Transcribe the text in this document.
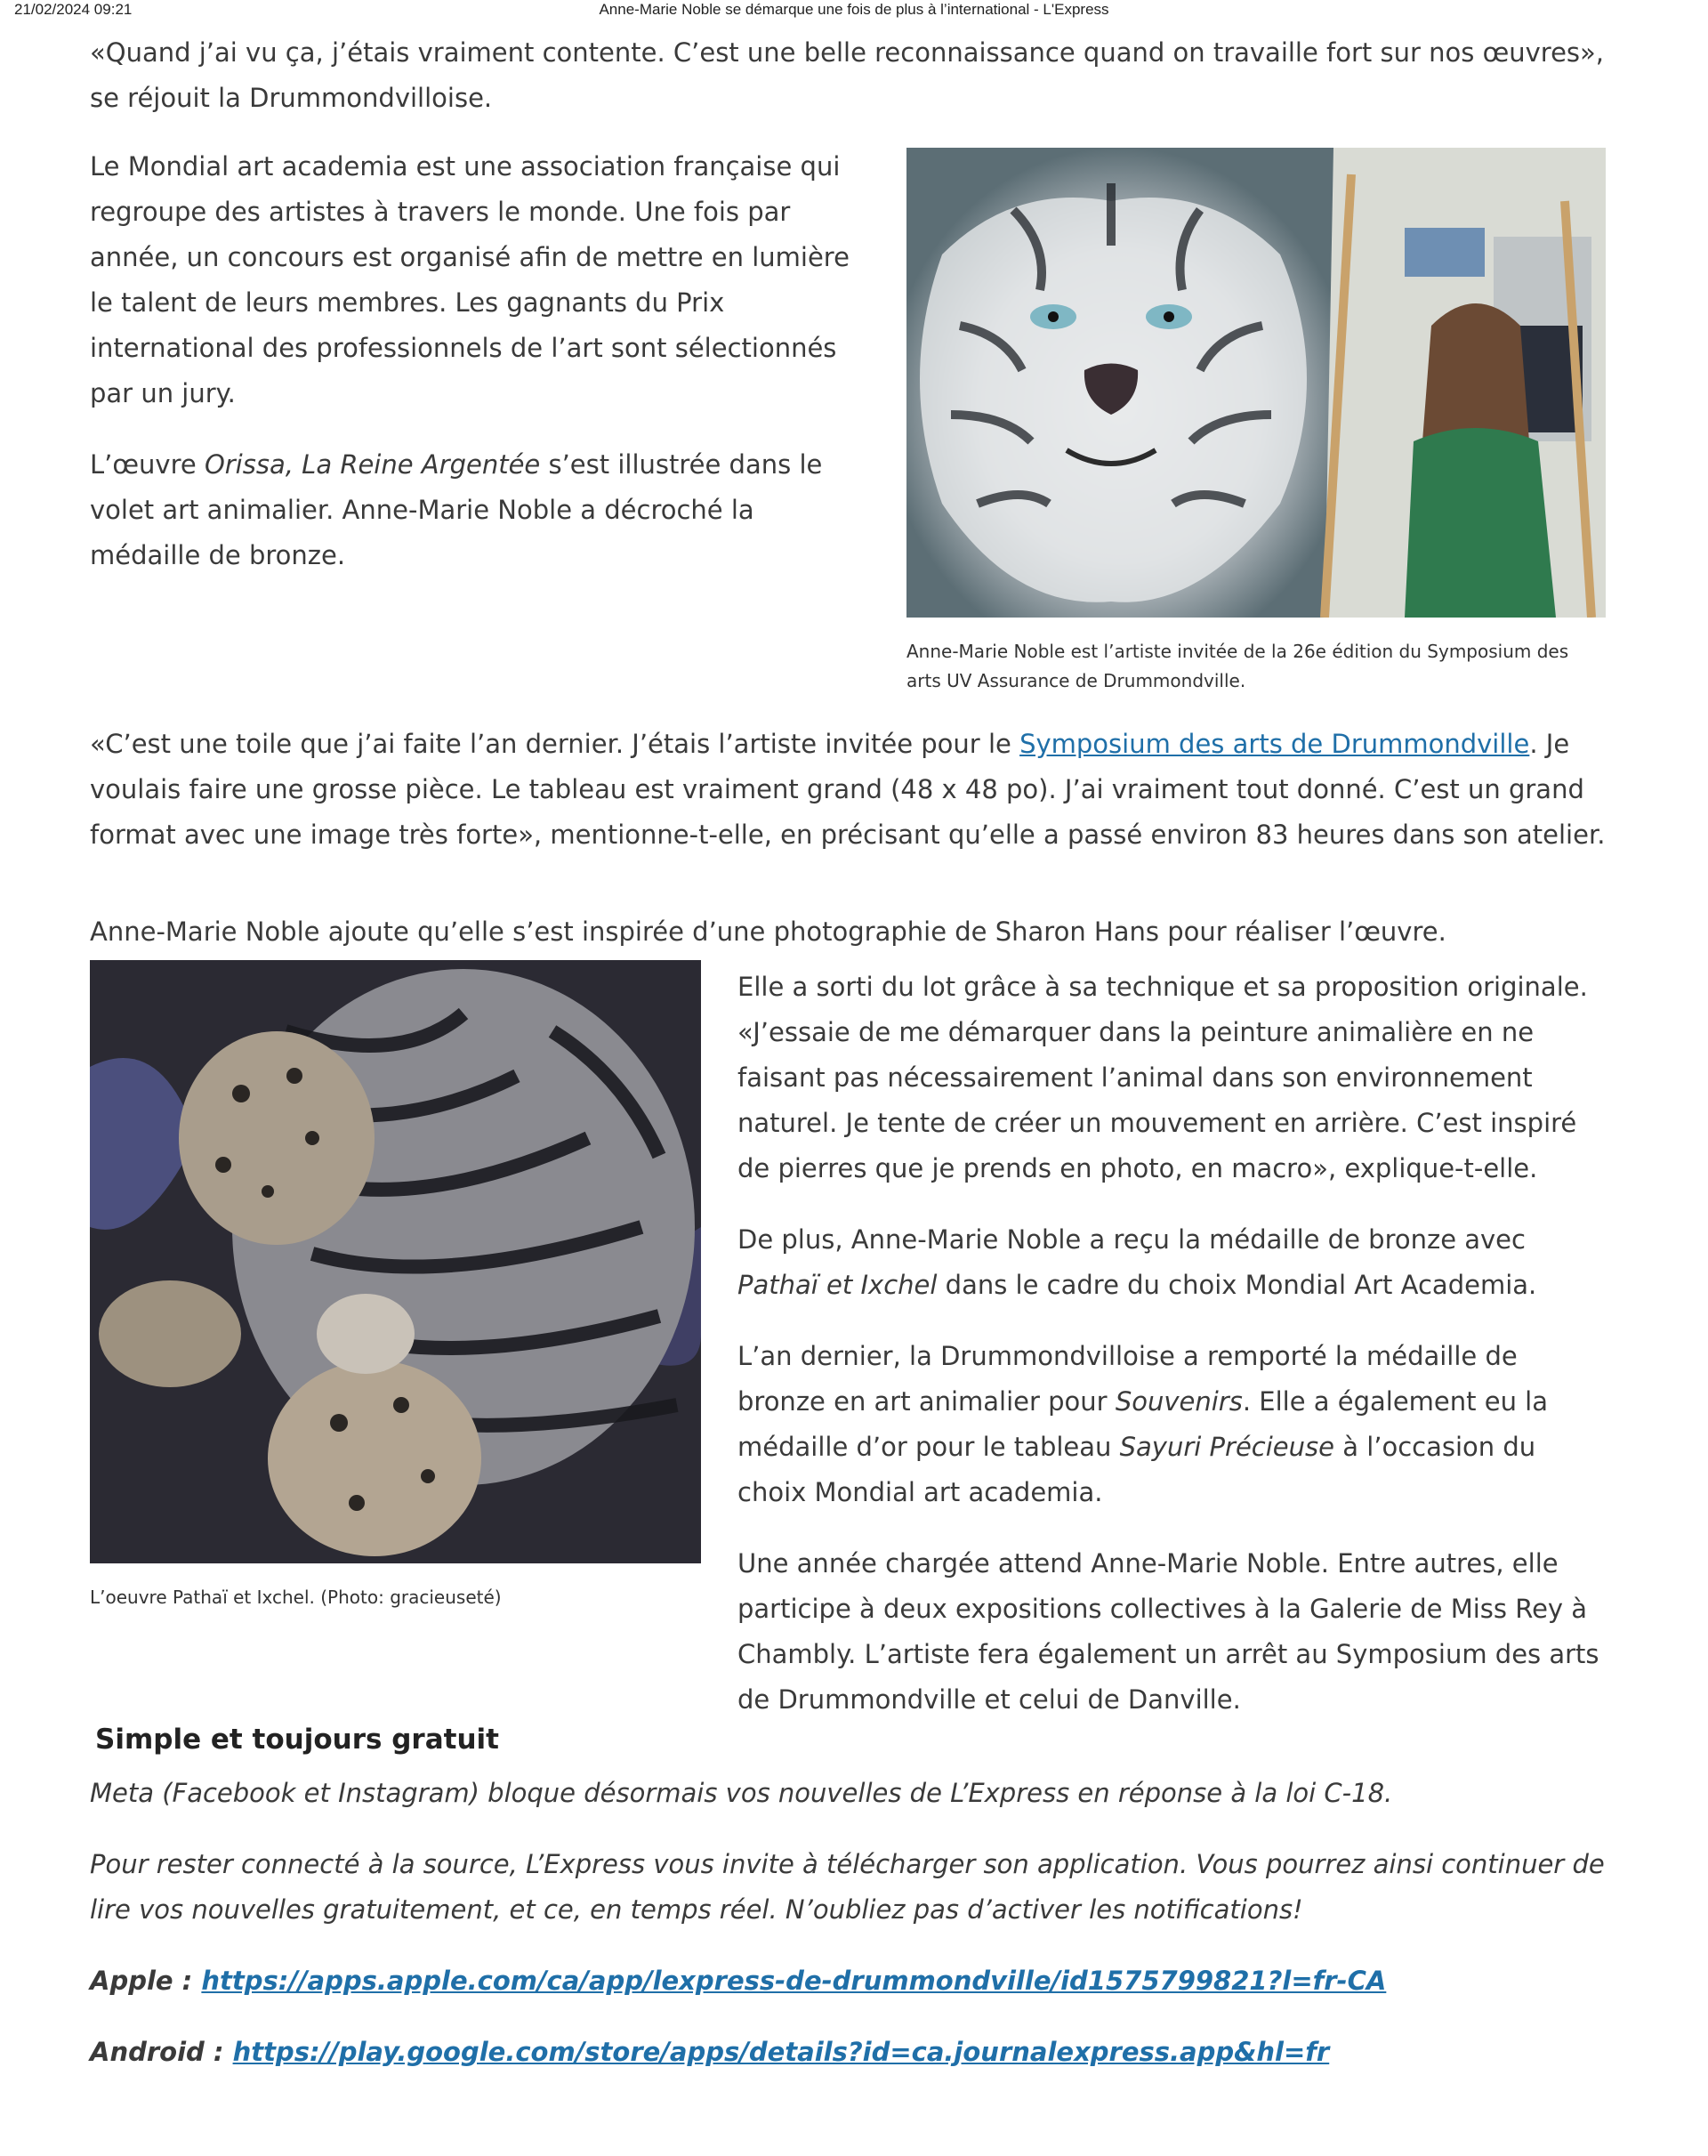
21/02/2024 09:21	Anne-Marie Noble se démarque une fois de plus à l’international - L'Express

«Quand j’ai vu ça, j’étais vraiment contente. C’est une belle reconnaissance quand on travaille fort sur nos œuvres», se réjouit la Drummondvilloise.

Le Mondial art academia est une association française qui regroupe des artistes à travers le monde. Une fois par année, un concours est organisé afin de mettre en lumière le talent de leurs membres. Les gagnants du Prix international des professionnels de l’art sont sélectionnés par un jury.

L’œuvre Orissa, La Reine Argentée s’est illustrée dans le volet art animalier. Anne-Marie Noble a décroché la médaille de bronze.

Anne-Marie Noble est l’artiste invitée de la 26e édition du Symposium des arts UV Assurance de Drummondville.

«C’est une toile que j’ai faite l’an dernier. J’étais l’artiste invitée pour le Symposium des arts de Drummondville. Je voulais faire une grosse pièce. Le tableau est vraiment grand (48 x 48 po). J’ai vraiment tout donné. C’est un grand format avec une image très forte», mentionne-t-elle, en précisant qu’elle a passé environ 83 heures dans son atelier.

Anne-Marie Noble ajoute qu’elle s’est inspirée d’une photographie de Sharon Hans pour réaliser l’œuvre.

L’oeuvre Pathaï et Ixchel. (Photo: gracieuseté)

Elle a sorti du lot grâce à sa technique et sa proposition originale. «J’essaie de me démarquer dans la peinture animalière en ne faisant pas nécessairement l’animal dans son environnement naturel. Je tente de créer un mouvement en arrière. C’est inspiré de pierres que je prends en photo, en macro», explique-t-elle.

De plus, Anne-Marie Noble a reçu la médaille de bronze avec Pathaï et Ixchel dans le cadre du choix Mondial Art Academia.

L’an dernier, la Drummondvilloise a remporté la médaille de bronze en art animalier pour Souvenirs. Elle a également eu la médaille d’or pour le tableau Sayuri Précieuse à l’occasion du choix Mondial art academia.

Une année chargée attend Anne-Marie Noble. Entre autres, elle participe à deux expositions collectives à la Galerie de Miss Rey à Chambly. L’artiste fera également un arrêt au Symposium des arts de Drummondville et celui de Danville.

Simple et toujours gratuit

Meta (Facebook et Instagram) bloque désormais vos nouvelles de L’Express en réponse à la loi C-18.

Pour rester connecté à la source, L’Express vous invite à télécharger son application. Vous pourrez ainsi continuer de lire vos nouvelles gratuitement, et ce, en temps réel. N’oubliez pas d’activer les notifications!

Apple : https://apps.apple.com/ca/app/lexpress-de-drummondville/id1575799821?l=fr-CA

Android : https://play.google.com/store/apps/details?id=ca.journalexpress.app&hl=fr
